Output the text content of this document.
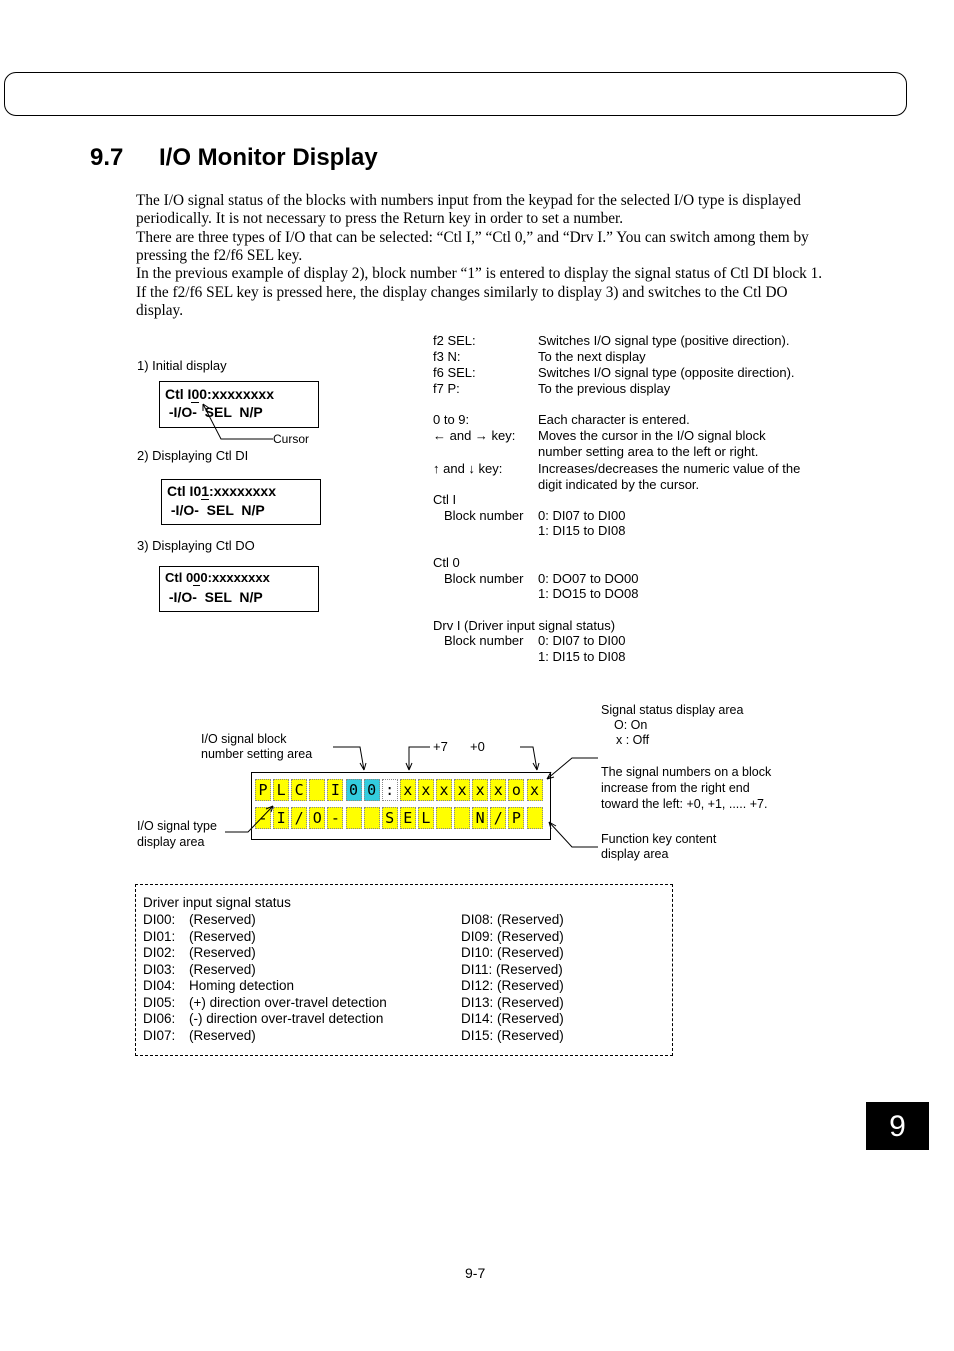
9.7 I/O Monitor Display
The I/O signal status of the blocks with numbers input from the keypad for the selected I/O type is displayed
periodically. It is not necessary to press the Return key in order to set a number.
There are three types of I/O that can be selected: “Ctl I,” “Ctl 0,” and “Drv I.” You can switch among them by
pressing the f2/f6 SEL key.
In the previous example of display 2), block number “1” is entered to display the signal status of Ctl DI block 1.
If the f2/f6 SEL key is pressed here, the display changes similarly to display 3) and switches to the Ctl DO
display.
1) Initial display
Ctl I00:xxxxxxxx
-I/O-  SEL  N/P
Cursor
2) Displaying Ctl DI
Ctl I01:xxxxxxxx
-I/O-  SEL  N/P
3) Displaying Ctl DO
Ctl 000:xxxxxxxx
-I/O-  SEL  N/P
f2 SEL:	Switches I/O signal type (positive direction).
f3 N:	To the next display
f6 SEL:	Switches I/O signal type (opposite direction).
f7 P:	To the previous display
0 to 9:	Each character is entered.
← and → key: Moves the cursor in the I/O signal block
number setting area to the left or right.
↑ and ↓ key:	Increases/decreases the numeric value of the
digit indicated by the cursor.
Ctl I
Block number 0: DI07 to DI00
1: DI15 to DI08
Ctl 0
Block number 0: DO07 to DO00
1: DO15 to DO08
Drv I (Driver input signal status)
Block number 0: DI07 to DI00
1: DI15 to DI08
I/O signal block
number setting area
I/O signal type
display area
+7 +0
Signal status display area
O: On
x : Off
The signal numbers on a block
increase from the right end
toward the left: +0, +1, ..... +7.
Function key content
display area
P L C I 0 0 : x x x x x x o x
- I / O -	S E L	N / P
Driver input signal status
DI00: (Reserved)
DI01: (Reserved)
DI02: (Reserved)
DI03: (Reserved)
DI04: Homing detection
DI05: (+) direction over-travel detection
DI06: (-) direction over-travel detection
DI07: (Reserved)
DI08: (Reserved)
DI09: (Reserved)
DI10: (Reserved)
DI11: (Reserved)
DI12: (Reserved)
DI13: (Reserved)
DI14: (Reserved)
DI15: (Reserved)
9
9-7
